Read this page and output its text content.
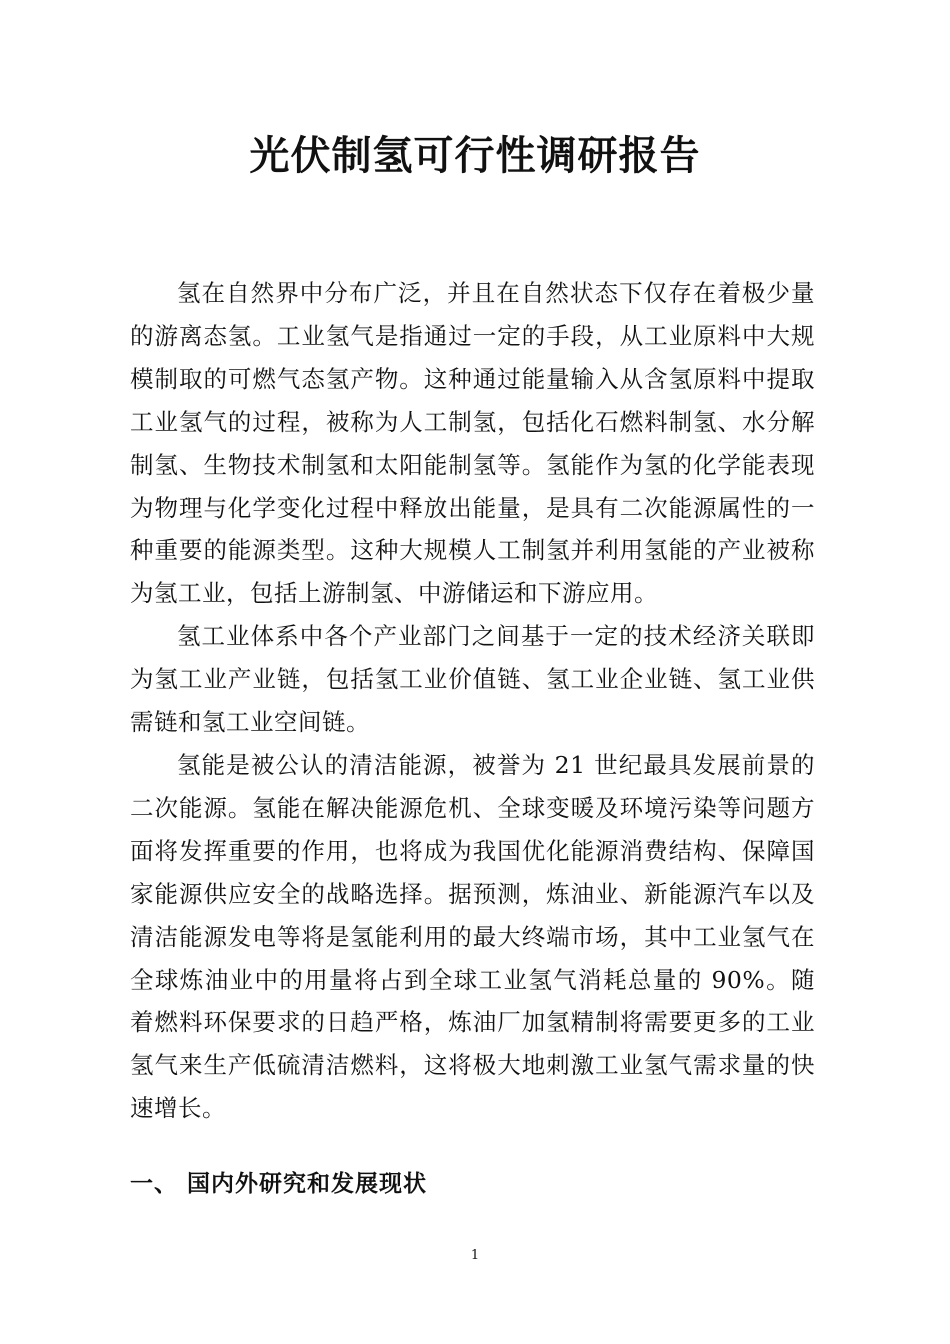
光伏制氢可行性调研报告

氢在自然界中分布广泛，并且在自然状态下仅存在着极少量的游离态氢。工业氢气是指通过一定的手段，从工业原料中大规模制取的可燃气态氢产物。这种通过能量输入从含氢原料中提取工业氢气的过程，被称为人工制氢，包括化石燃料制氢、水分解制氢、生物技术制氢和太阳能制氢等。氢能作为氢的化学能表现为物理与化学变化过程中释放出能量，是具有二次能源属性的一种重要的能源类型。这种大规模人工制氢并利用氢能的产业被称为氢工业，包括上游制氢、中游储运和下游应用。

氢工业体系中各个产业部门之间基于一定的技术经济关联即为氢工业产业链，包括氢工业价值链、氢工业企业链、氢工业供需链和氢工业空间链。

氢能是被公认的清洁能源，被誉为 21 世纪最具发展前景的二次能源。氢能在解决能源危机、全球变暖及环境污染等问题方面将发挥重要的作用，也将成为我国优化能源消费结构、保障国家能源供应安全的战略选择。据预测，炼油业、新能源汽车以及清洁能源发电等将是氢能利用的最大终端市场，其中工业氢气在全球炼油业中的用量将占到全球工业氢气消耗总量的 90%。随着燃料环保要求的日趋严格，炼油厂加氢精制将需要更多的工业氢气来生产低硫清洁燃料，这将极大地刺激工业氢气需求量的快速增长。

一、 国内外研究和发展现状
1
